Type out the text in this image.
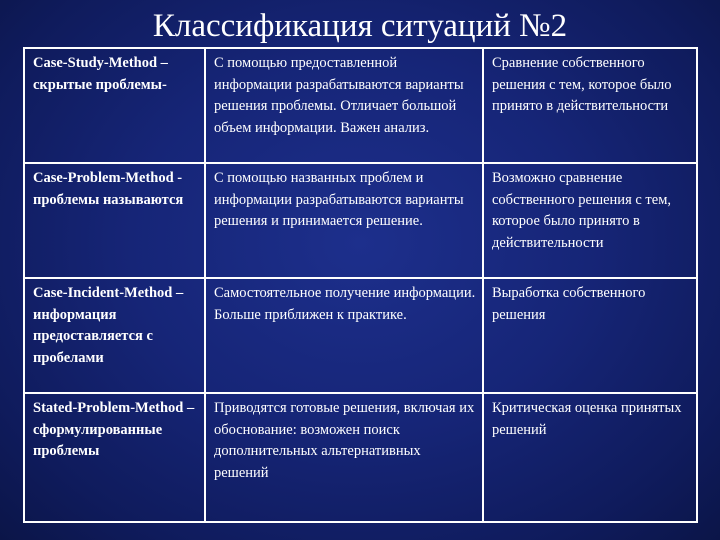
Классификация ситуаций №2
Case-Study-Method – скрытые проблемы-	С помощью предоставленной информации разрабатываются варианты решения проблемы. Отличает большой объем информации. Важен анализ.	Сравнение собственного решения с тем, которое было принято в действительности

Case-Problem-Method - проблемы называются	С помощью названных проблем и информации разрабатываются варианты решения и принимается решение.	Возможно сравнение собственного решения с тем, которое было принято в действительности

Case-Incident-Method – информация предоставляется с пробелами	Самостоятельное получение информации. Больше приближен к практике.	Выработка собственного решения

Stated-Problem-Method – сформулированные проблемы	Приводятся готовые решения, включая их обоснование: возможен поиск дополнительных альтернативных решений	Критическая оценка принятых решений
